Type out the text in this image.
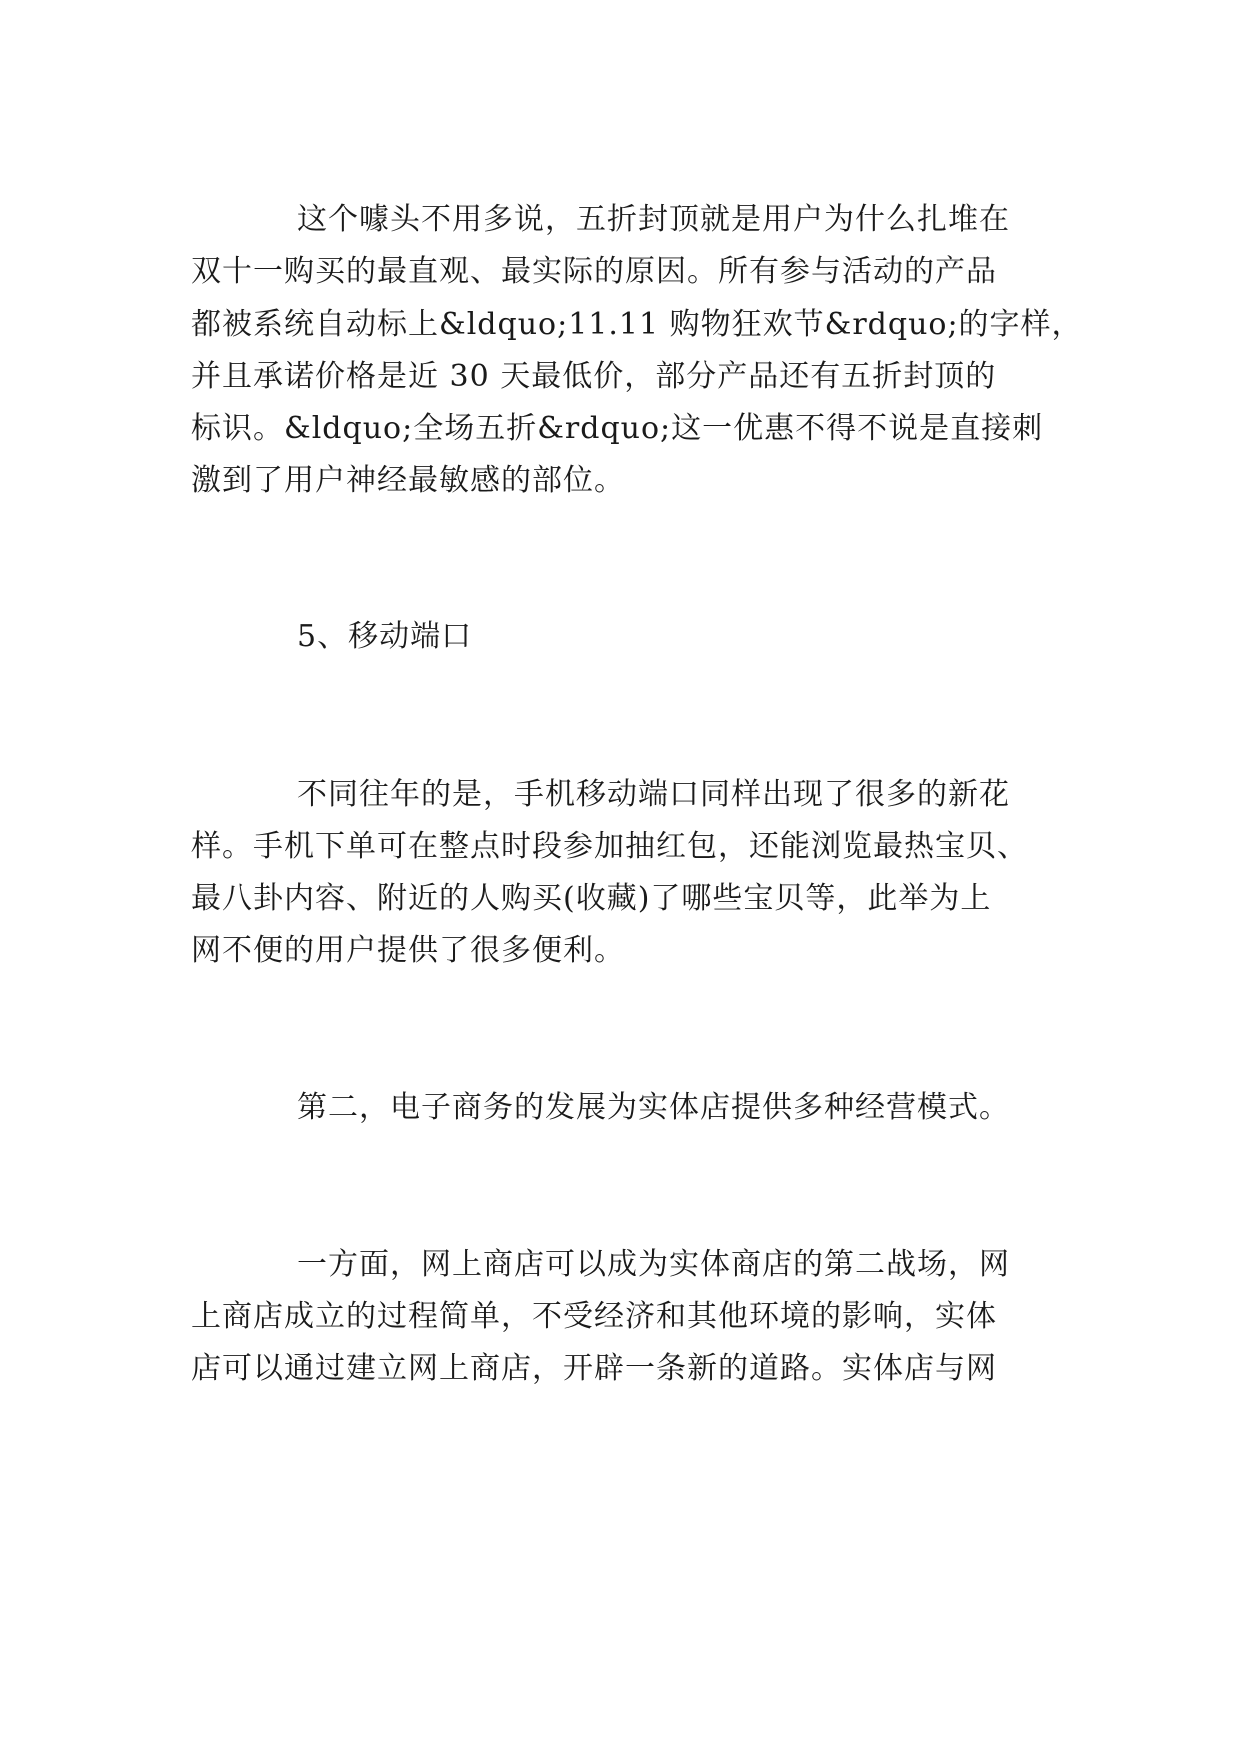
这个噱头不用多说，五折封顶就是用户为什么扎堆在
双十一购买的最直观、最实际的原因。所有参与活动的产品
都被系统自动标上&ldquo;11.11 购物狂欢节&rdquo;的字样，
并且承诺价格是近 30 天最低价，部分产品还有五折封顶的
标识。&ldquo;全场五折&rdquo;这一优惠不得不说是直接刺
激到了用户神经最敏感的部位。
5、移动端口
不同往年的是，手机移动端口同样出现了很多的新花
样。手机下单可在整点时段参加抽红包，还能浏览最热宝贝、
最八卦内容、附近的人购买(收藏)了哪些宝贝等，此举为上
网不便的用户提供了很多便利。
第二，电子商务的发展为实体店提供多种经营模式。
一方面，网上商店可以成为实体商店的第二战场，网
上商店成立的过程简单，不受经济和其他环境的影响，实体
店可以通过建立网上商店，开辟一条新的道路。实体店与网
